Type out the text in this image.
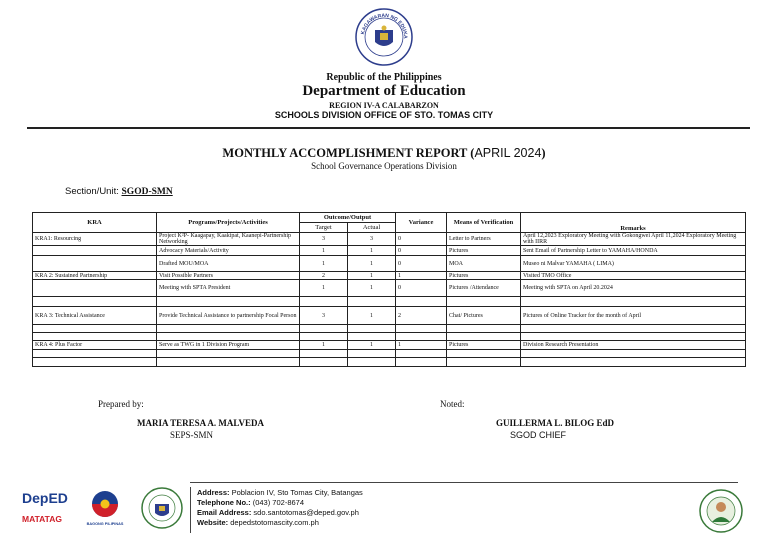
KAGAWARAN NG EDUKA
Republic of the Philippines
Department of Education
REGION IV-A CALABARZON
SCHOOLS DIVISION OFFICE OF STO. TOMAS CITY
MONTHLY ACCOMPLISHMENT REPORT (APRIL 2024)
School Governance Operations Division
Section/Unit: SGOD-SMN
KRA	Programs/Projects/Activities	Outcome/Output		Variance	Means of Verification	Remarks
		Target	Actual			
KRA1: Resourcing	Project K²P- Kaagapay, Kaakipat, Kaanepi-Partnership Networking	3	3	0	Letter to Partners	April 12,2023 Exploratory Meeting with Gokongwei April 11,2024 Exploratory Meeting with IIRR
	Advocacy Materials/Activity	1	1	0	Pictures	Sent Email of Partnership Letter to YAMAHA/HONDA
	Drafted MOU/MOA	1	1	0	MOA	Museo ni Malvar YAMAHA ( LIMA)
KRA 2: Sustained Partnership	Visit Possible Partners	2	1	1	Pictures	Visited TMO Office
	Meeting with SPTA President	1	1	0	Pictures /Attendance	Meeting with SPTA on April 20.2024

KRA 3: Technical Assistance	Provide Technical Assistance to partnership Focal Person	3	1	2	Chat/ Pictures	Pictures of Online Tracker for the month of April

KRA 4: Plus Factor	Serve as TWG in 1 Division Program	1	1	1	Pictures	Division Research Presentation

Prepared by:
MARIA TERESA A. MALVEDA
SEPS-SMN
Noted:
GUILLERMA L. BILOG EdD
SGOD CHIEF
DepED
MATATAG	BAGONG PILIPINAS
Address: Poblacion IV, Sto Tomas City, Batangas
Telephone No.: (043) 702-8674
Email Address: sdo.santotomas@deped.gov.ph
Website: depedstotomascity.com.ph
